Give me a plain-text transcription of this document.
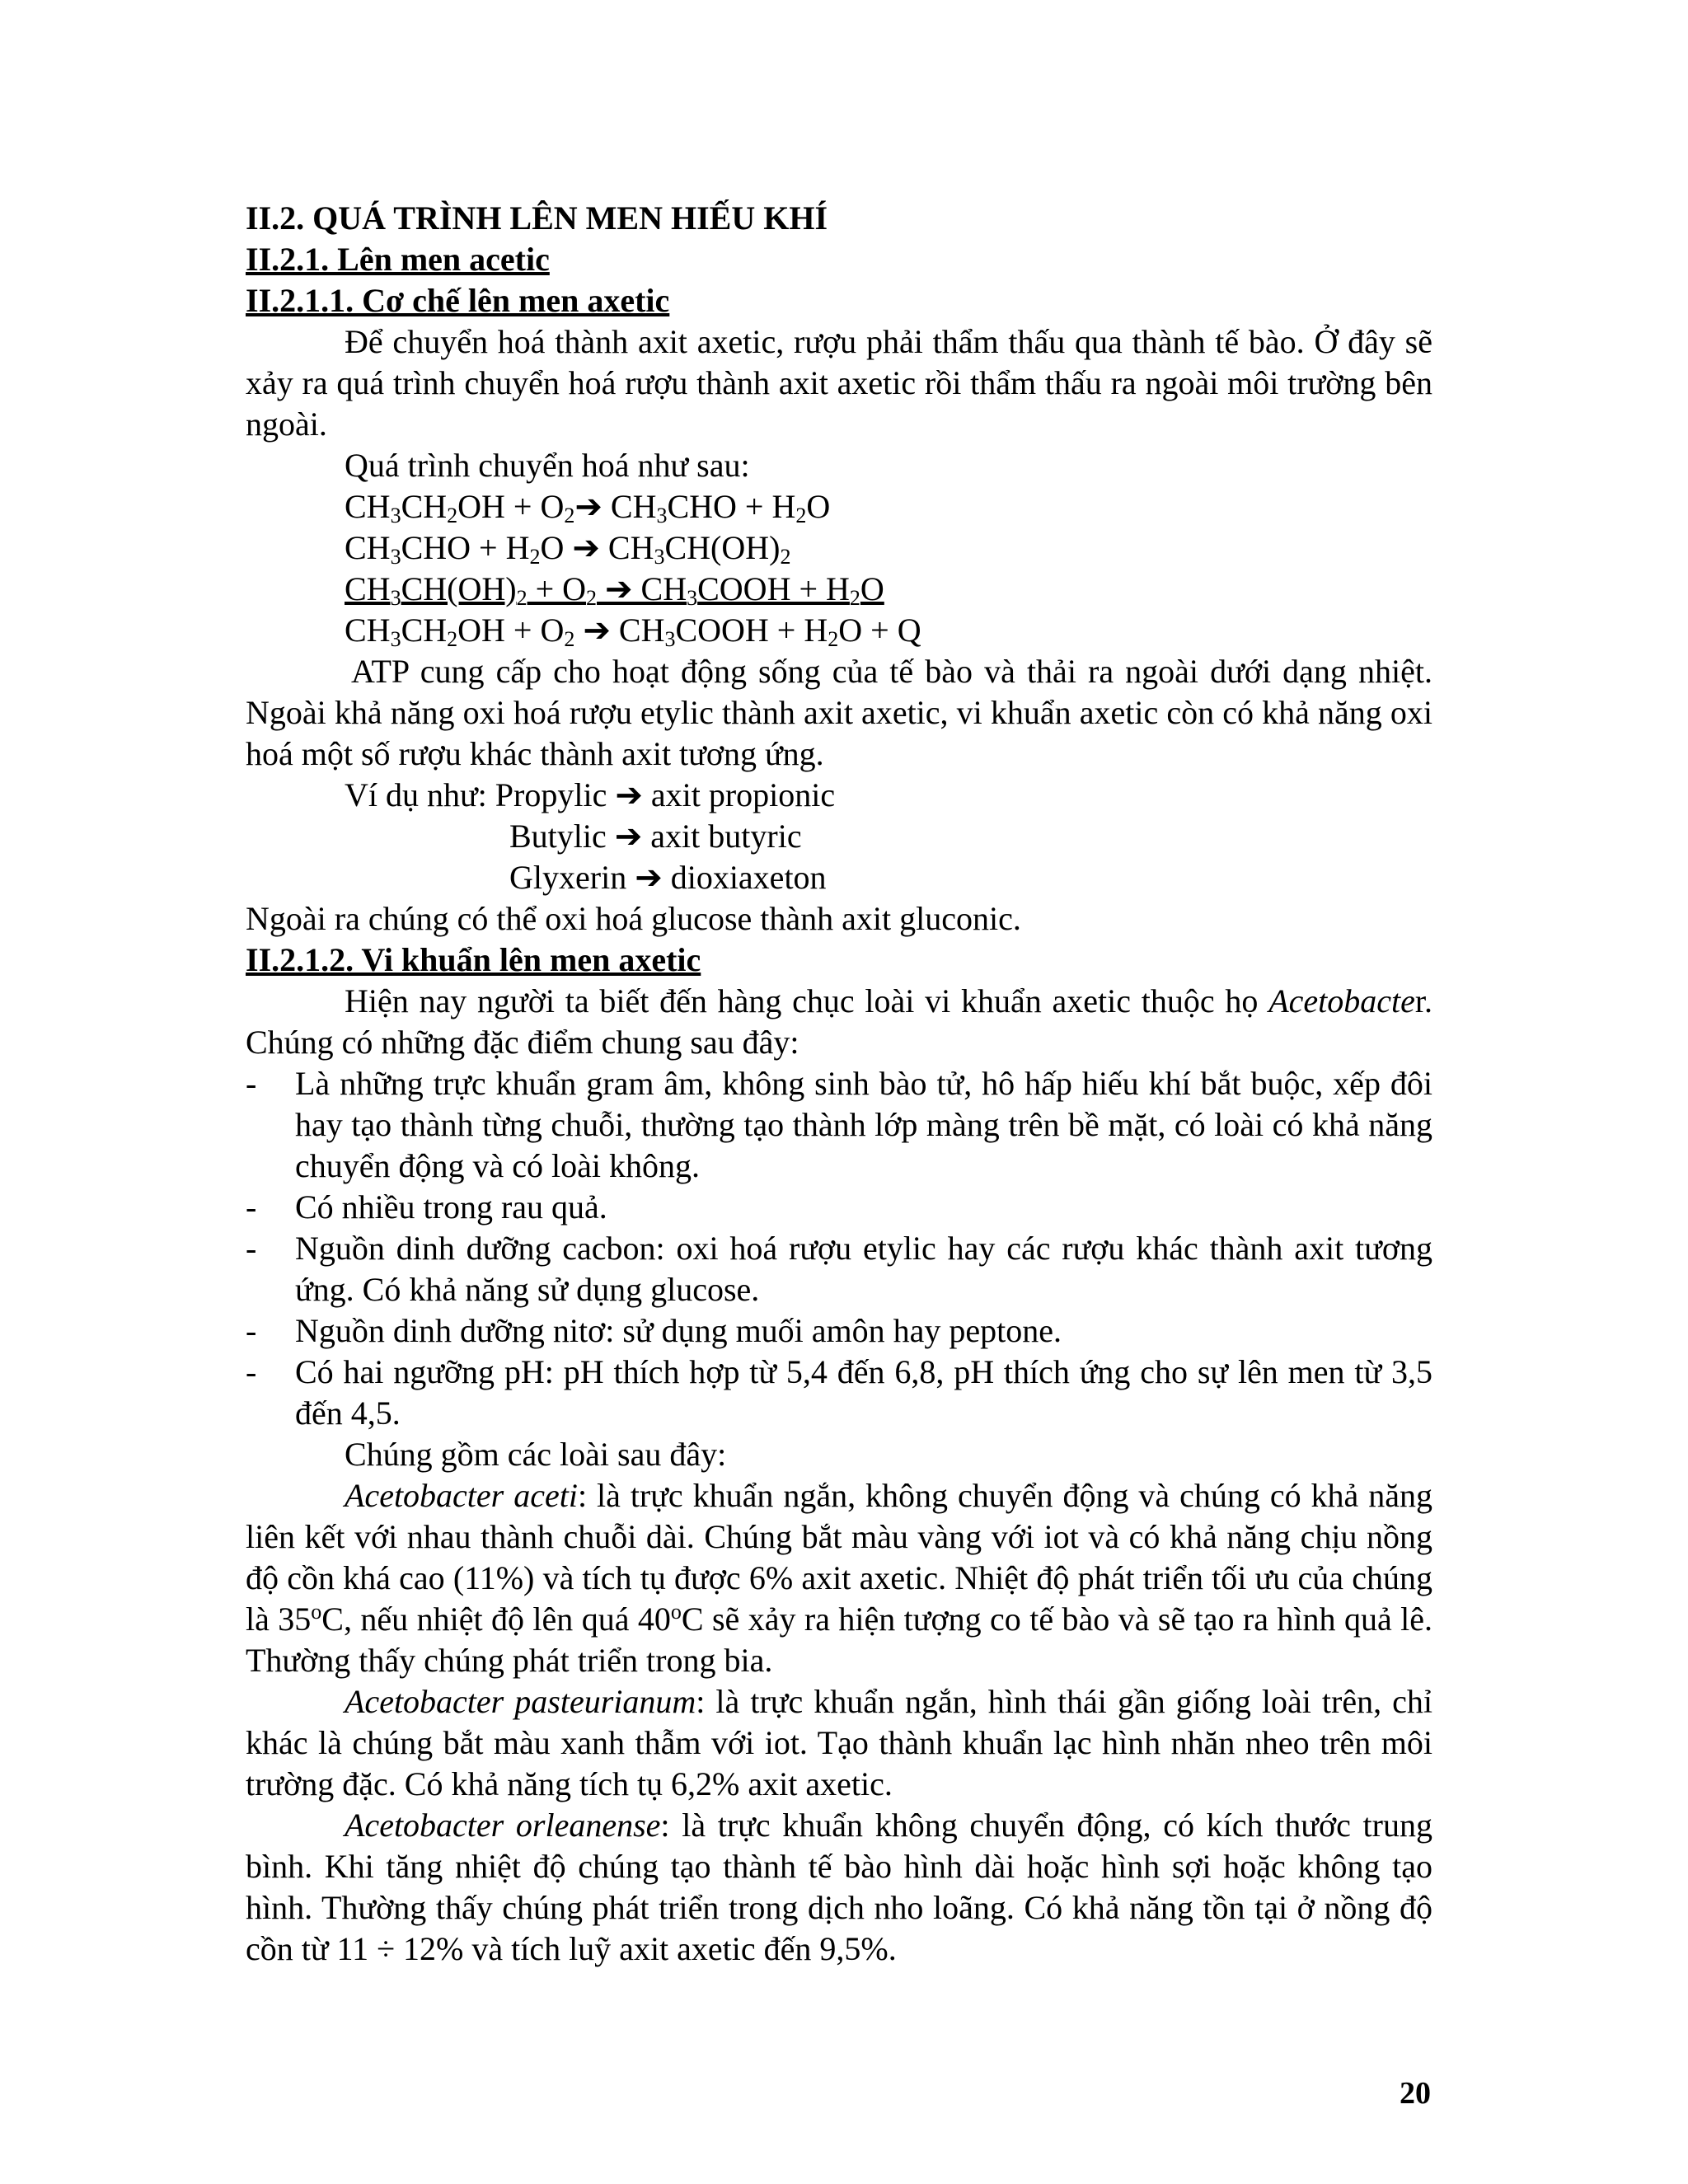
II.2. QUÁ TRÌNH LÊN MEN HIẾU KHÍ

II.2.1. Lên men acetic

II.2.1.1. Cơ chế lên men axetic

Để chuyển hoá thành axit axetic, rượu phải thẩm thấu qua thành tế bào. Ở đây sẽ xảy ra quá trình chuyển hoá rượu thành axit axetic rồi thẩm thấu ra ngoài môi trường bên ngoài.

Quá trình chuyển hoá như sau:

$CH_3CH_2OH$ + $O_2➔$ $CH_3CHO + H_2O$
$CH_3CHO + H_2O$ ➔ $CH_3CH(OH)_2$
$CH_3CH(OH)_2 + O_2$ ➔ $CH_3COOH + H_2O$
$CH_3CH_2OH + O_2$ ➔ $CH_3COOH + H_2O + Q$

ATP cung cấp cho hoạt động sống của tế bào và thải ra ngoài dưới dạng nhiệt. Ngoài khả năng oxi hoá rượu etylic thành axit axetic, vi khuẩn axetic còn có khả năng oxi hoá một số rượu khác thành axit tương ứng.

Ví dụ như: Propylic ➔ axit propionic

Butylic ➔ axit butyric

Glyxerin ➔ dioxiaxeton

Ngoài ra chúng có thể oxi hoá glucose thành axit gluconic.

II.2.1.2. Vi khuẩn lên men axetic

Hiện nay người ta biết đến hàng chục loài vi khuẩn axetic thuộc họ Acetobacter. Chúng có những đặc điểm chung sau đây:

- Là những trực khuẩn gram âm, không sinh bào tử, hô hấp hiếu khí bắt buộc, xếp đôi hay tạo thành từng chuỗi, thường tạo thành lớp màng trên bề mặt, có loài có khả năng chuyển động và có loài không.
- Có nhiều trong rau quả.
- Nguồn dinh dưỡng cacbon: oxi hoá rượu etylic hay các rượu khác thành axit tương ứng. Có khả năng sử dụng glucose.
- Nguồn dinh dưỡng nitơ: sử dụng muối amôn hay peptone.
- Có hai ngưỡng pH: pH thích hợp từ 5,4 đến 6,8, pH thích ứng cho sự lên men từ 3,5 đến 4,5.

Chúng gồm các loài sau đây:

Acetobacter aceti: là trực khuẩn ngắn, không chuyển động và chúng có khả năng liên kết với nhau thành chuỗi dài. Chúng bắt màu vàng với iot và có khả năng chịu nồng độ cồn khá cao (11%) và tích tụ được 6% axit axetic. Nhiệt độ phát triển tối ưu của chúng là 35$^o$C, nếu nhiệt độ lên quá 40$^o$C sẽ xảy ra hiện tượng co tế bào và sẽ tạo ra hình quả lê. Thường thấy chúng phát triển trong bia.

Acetobacter pasteurianum: là trực khuẩn ngắn, hình thái gần giống loài trên, chỉ khác là chúng bắt màu xanh thẫm với iot. Tạo thành khuẩn lạc hình nhăn nheo trên môi trường đặc. Có khả năng tích tụ 6,2% axit axetic.

Acetobacter orleanense: là trực khuẩn không chuyển động, có kích thước trung bình. Khi tăng nhiệt độ chúng tạo thành tế bào hình dài hoặc hình sợi hoặc không tạo hình. Thường thấy chúng phát triển trong dịch nho loãng. Có khả năng tồn tại ở nồng độ cồn từ 11 ÷ 12% và tích luỹ axit axetic đến 9,5%.

20
